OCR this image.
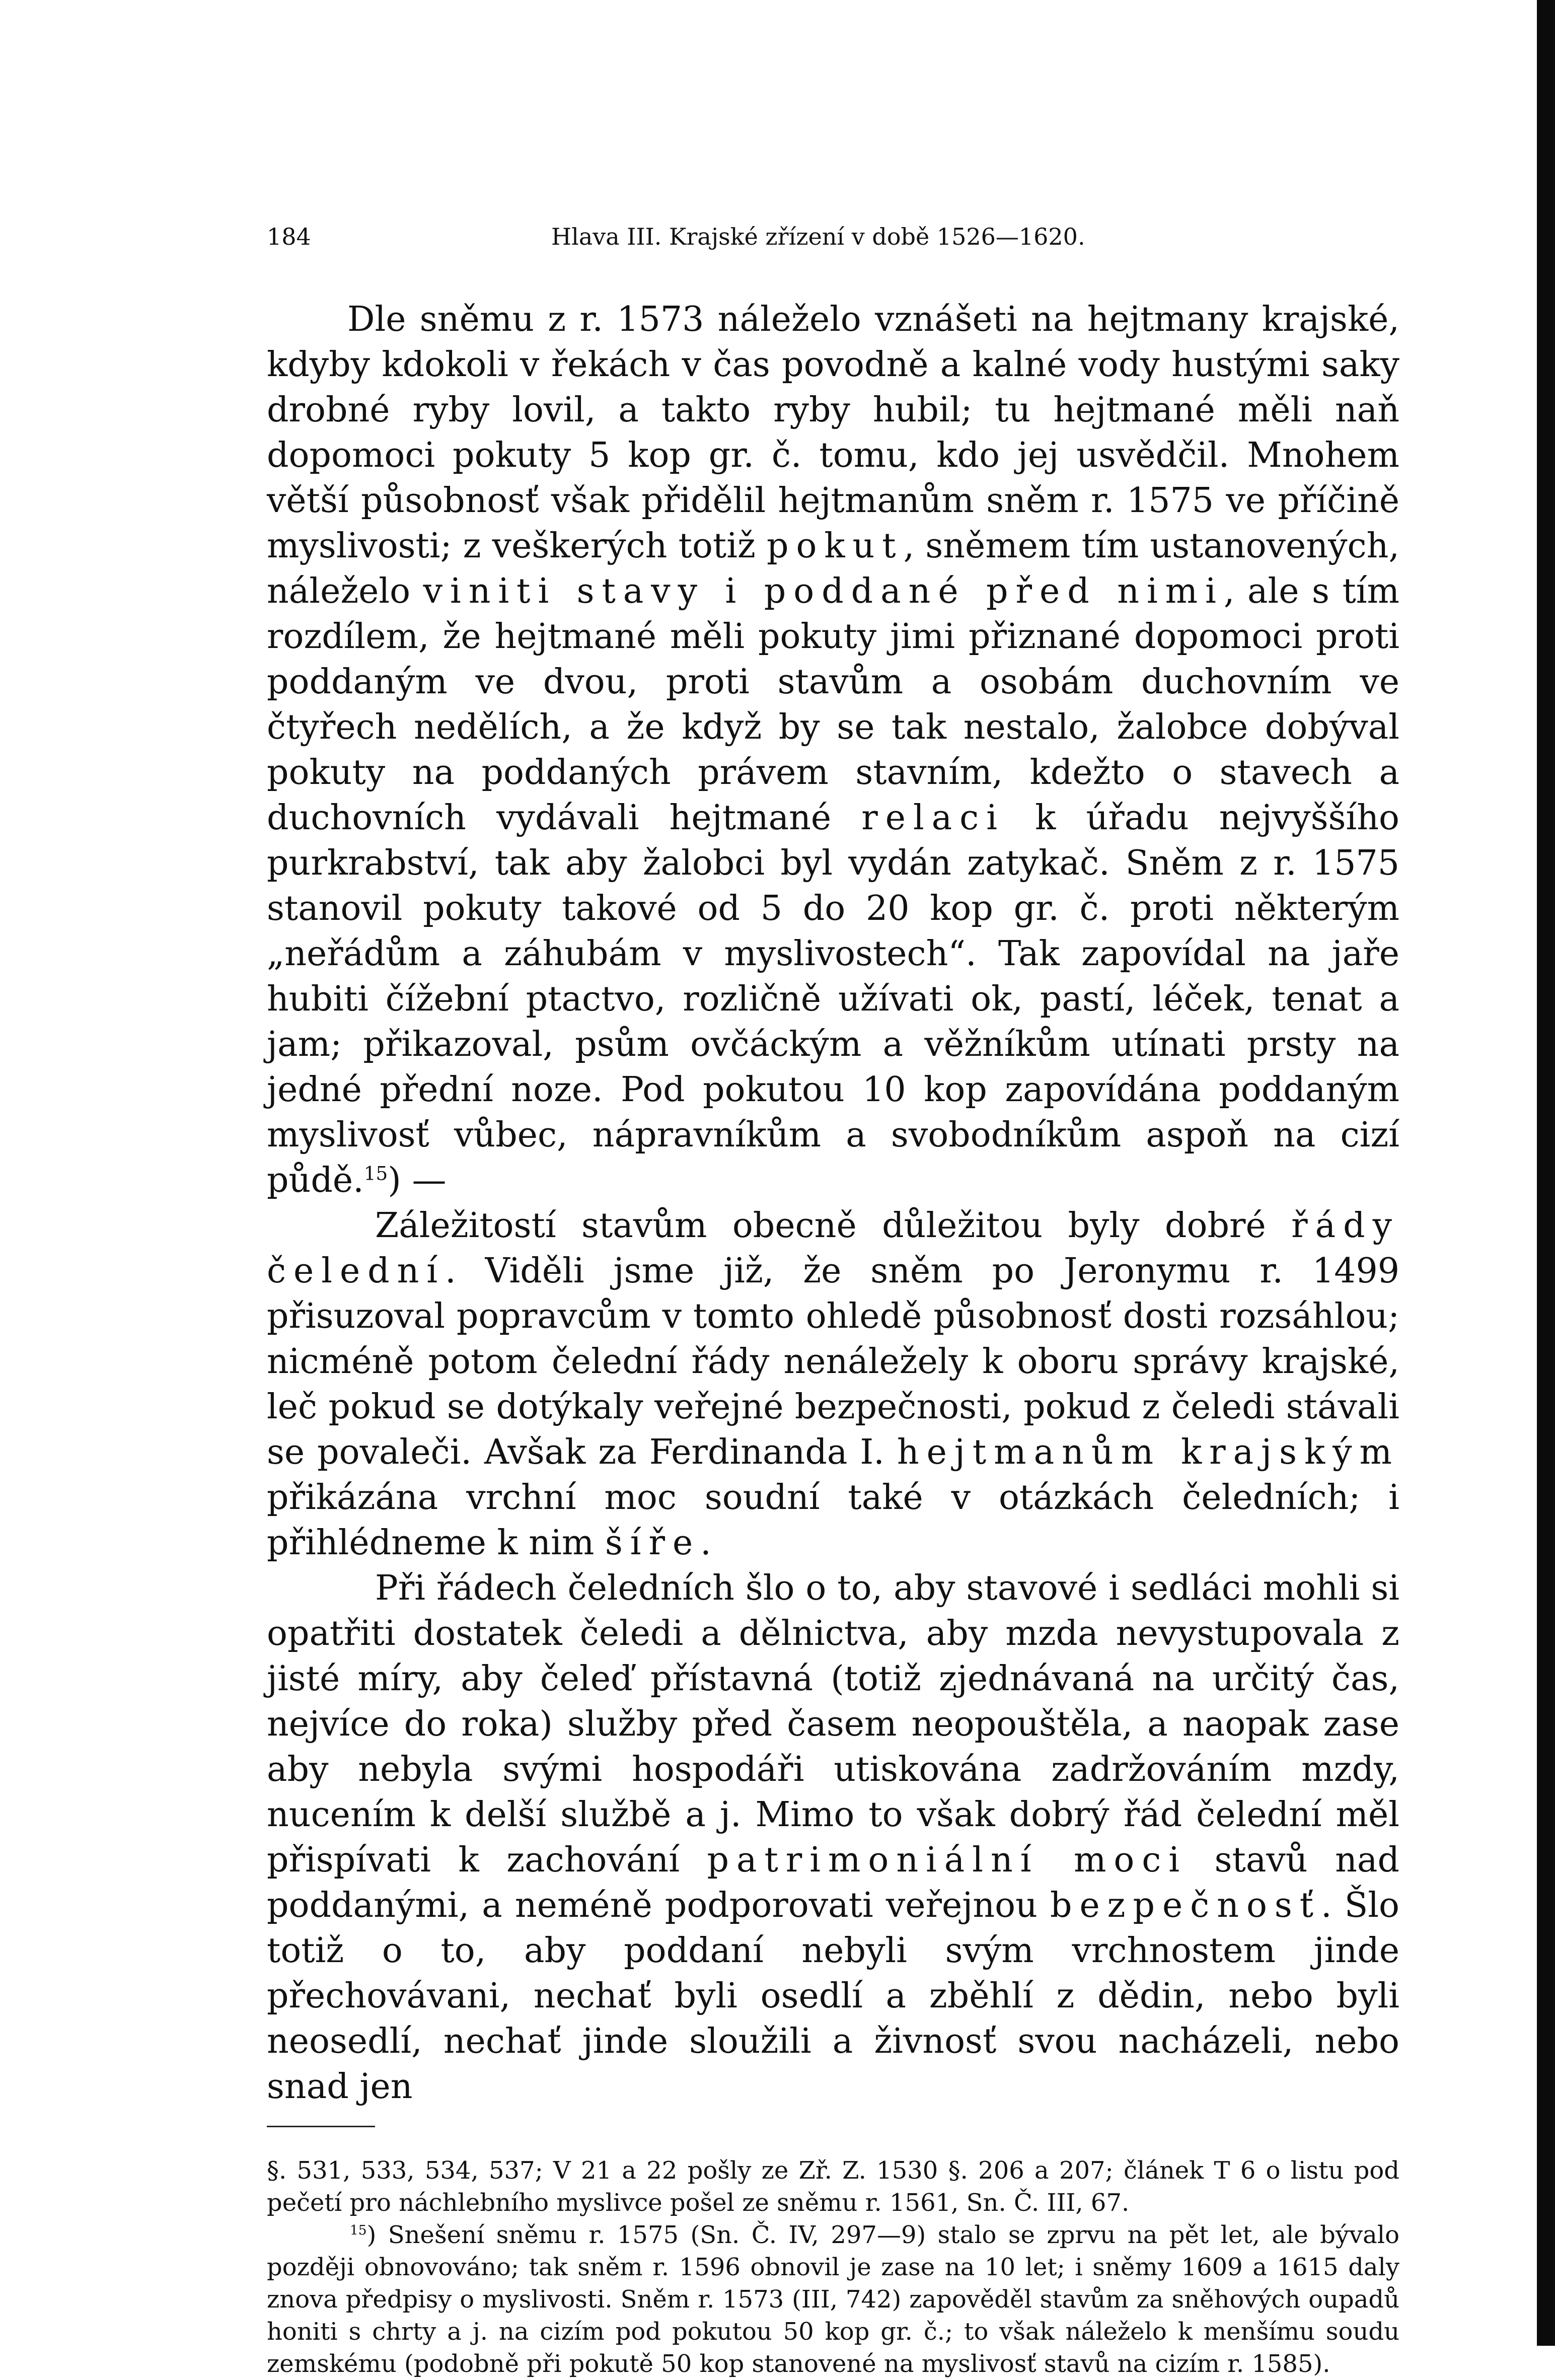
184	Hlava III. Krajské zřízení v době 1526—1620.

Dle sněmu z r. 1573 náleželo vznášeti na hejtmany krajské, kdyby kdokoli v řekách v čas povodně a kalné vody hustými saky drobné ryby lovil, a takto ryby hubil; tu hejtmané měli naň dopomoci pokuty 5 kop gr. č. tomu, kdo jej usvědčil. Mnohem větší působnosť však přidělil hejtmanům sněm r. 1575 ve příčině myslivosti; z veškerých totiž pokut, sněmem tím ustanovených, náleželo viniti stavy i poddané před nimi, ale s tím rozdílem, že hejtmané měli pokuty jimi přiznané dopomoci proti poddaným ve dvou, proti stavům a osobám duchovním ve čtyřech nedělích, a že když by se tak nestalo, žalobce dobýval pokuty na poddaných právem stavním, kdežto o stavech a duchovních vydávali hejtmané relaci k úřadu nejvyššího purkrabství, tak aby žalobci byl vydán zatykač. Sněm z r. 1575 stanovil pokuty takové od 5 do 20 kop gr. č. proti některým „neřádům a záhubám v myslivostech“. Tak zapovídal na jaře hubiti čížební ptactvo, rozličně užívati ok, pastí, léček, tenat a jam; přikazoval, psům ovčáckým a věžníkům utínati prsty na jedné přední noze. Pod pokutou 10 kop zapovídána poddaným myslivosť vůbec, nápravníkům a svobodníkům aspoň na cizí půdě.$^{15}$) —

Záležitostí stavům obecně důležitou byly dobré řády čelední. Viděli jsme již, že sněm po Jeronymu r. 1499 přisuzoval popravcům v tomto ohledě působnosť dosti rozsáhlou; nicméně potom čelední řády nenáležely k oboru správy krajské, leč pokud se dotýkaly veřejné bezpečnosti, pokud z čeledi stávali se povaleči. Avšak za Ferdinanda I. hejtmanům krajským přikázána vrchní moc soudní také v otázkách čeledních; i přihlédneme k nim šíře.

Při řádech čeledních šlo o to, aby stavové i sedláci mohli si opatřiti dostatek čeledi a dělnictva, aby mzda nevystupovala z jisté míry, aby čeleď přístavná (totiž zjednávaná na určitý čas, nejvíce do roka) služby před časem neopouštěla, a naopak zase aby nebyla svými hospodáři utiskována zadržováním mzdy, nucením k delší službě a j. Mimo to však dobrý řád čelední měl přispívati k zachování patrimoniální moci stavů nad poddanými, a neméně podporovati veřejnou bezpečnosť. Šlo totiž o to, aby poddaní nebyli svým vrchnostem jinde přechovávani, nechať byli osedlí a zběhlí z dědin, nebo byli neosedlí, nechať jinde sloužili a živnosť svou nacházeli, nebo snad jen

§. 531, 533, 534, 537; V 21 a 22 pošly ze Zř. Z. 1530 §. 206 a 207; článek T 6 o listu pod pečetí pro náchlebního myslivce pošel ze sněmu r. 1561, Sn. Č. III, 67.

$^{15}$) Snešení sněmu r. 1575 (Sn. Č. IV, 297—9) stalo se zprvu na pět let, ale bývalo později obnovováno; tak sněm r. 1596 obnovil je zase na 10 let; i sněmy 1609 a 1615 daly znova předpisy o myslivosti. Sněm r. 1573 (III, 742) zapověděl stavům za sněhových oupadů honiti s chrty a j. na cizím pod pokutou 50 kop gr. č.; to však náleželo k menšímu soudu zemskému (podobně při pokutě 50 kop stanovené na myslivosť stavů na cizím r. 1585).
